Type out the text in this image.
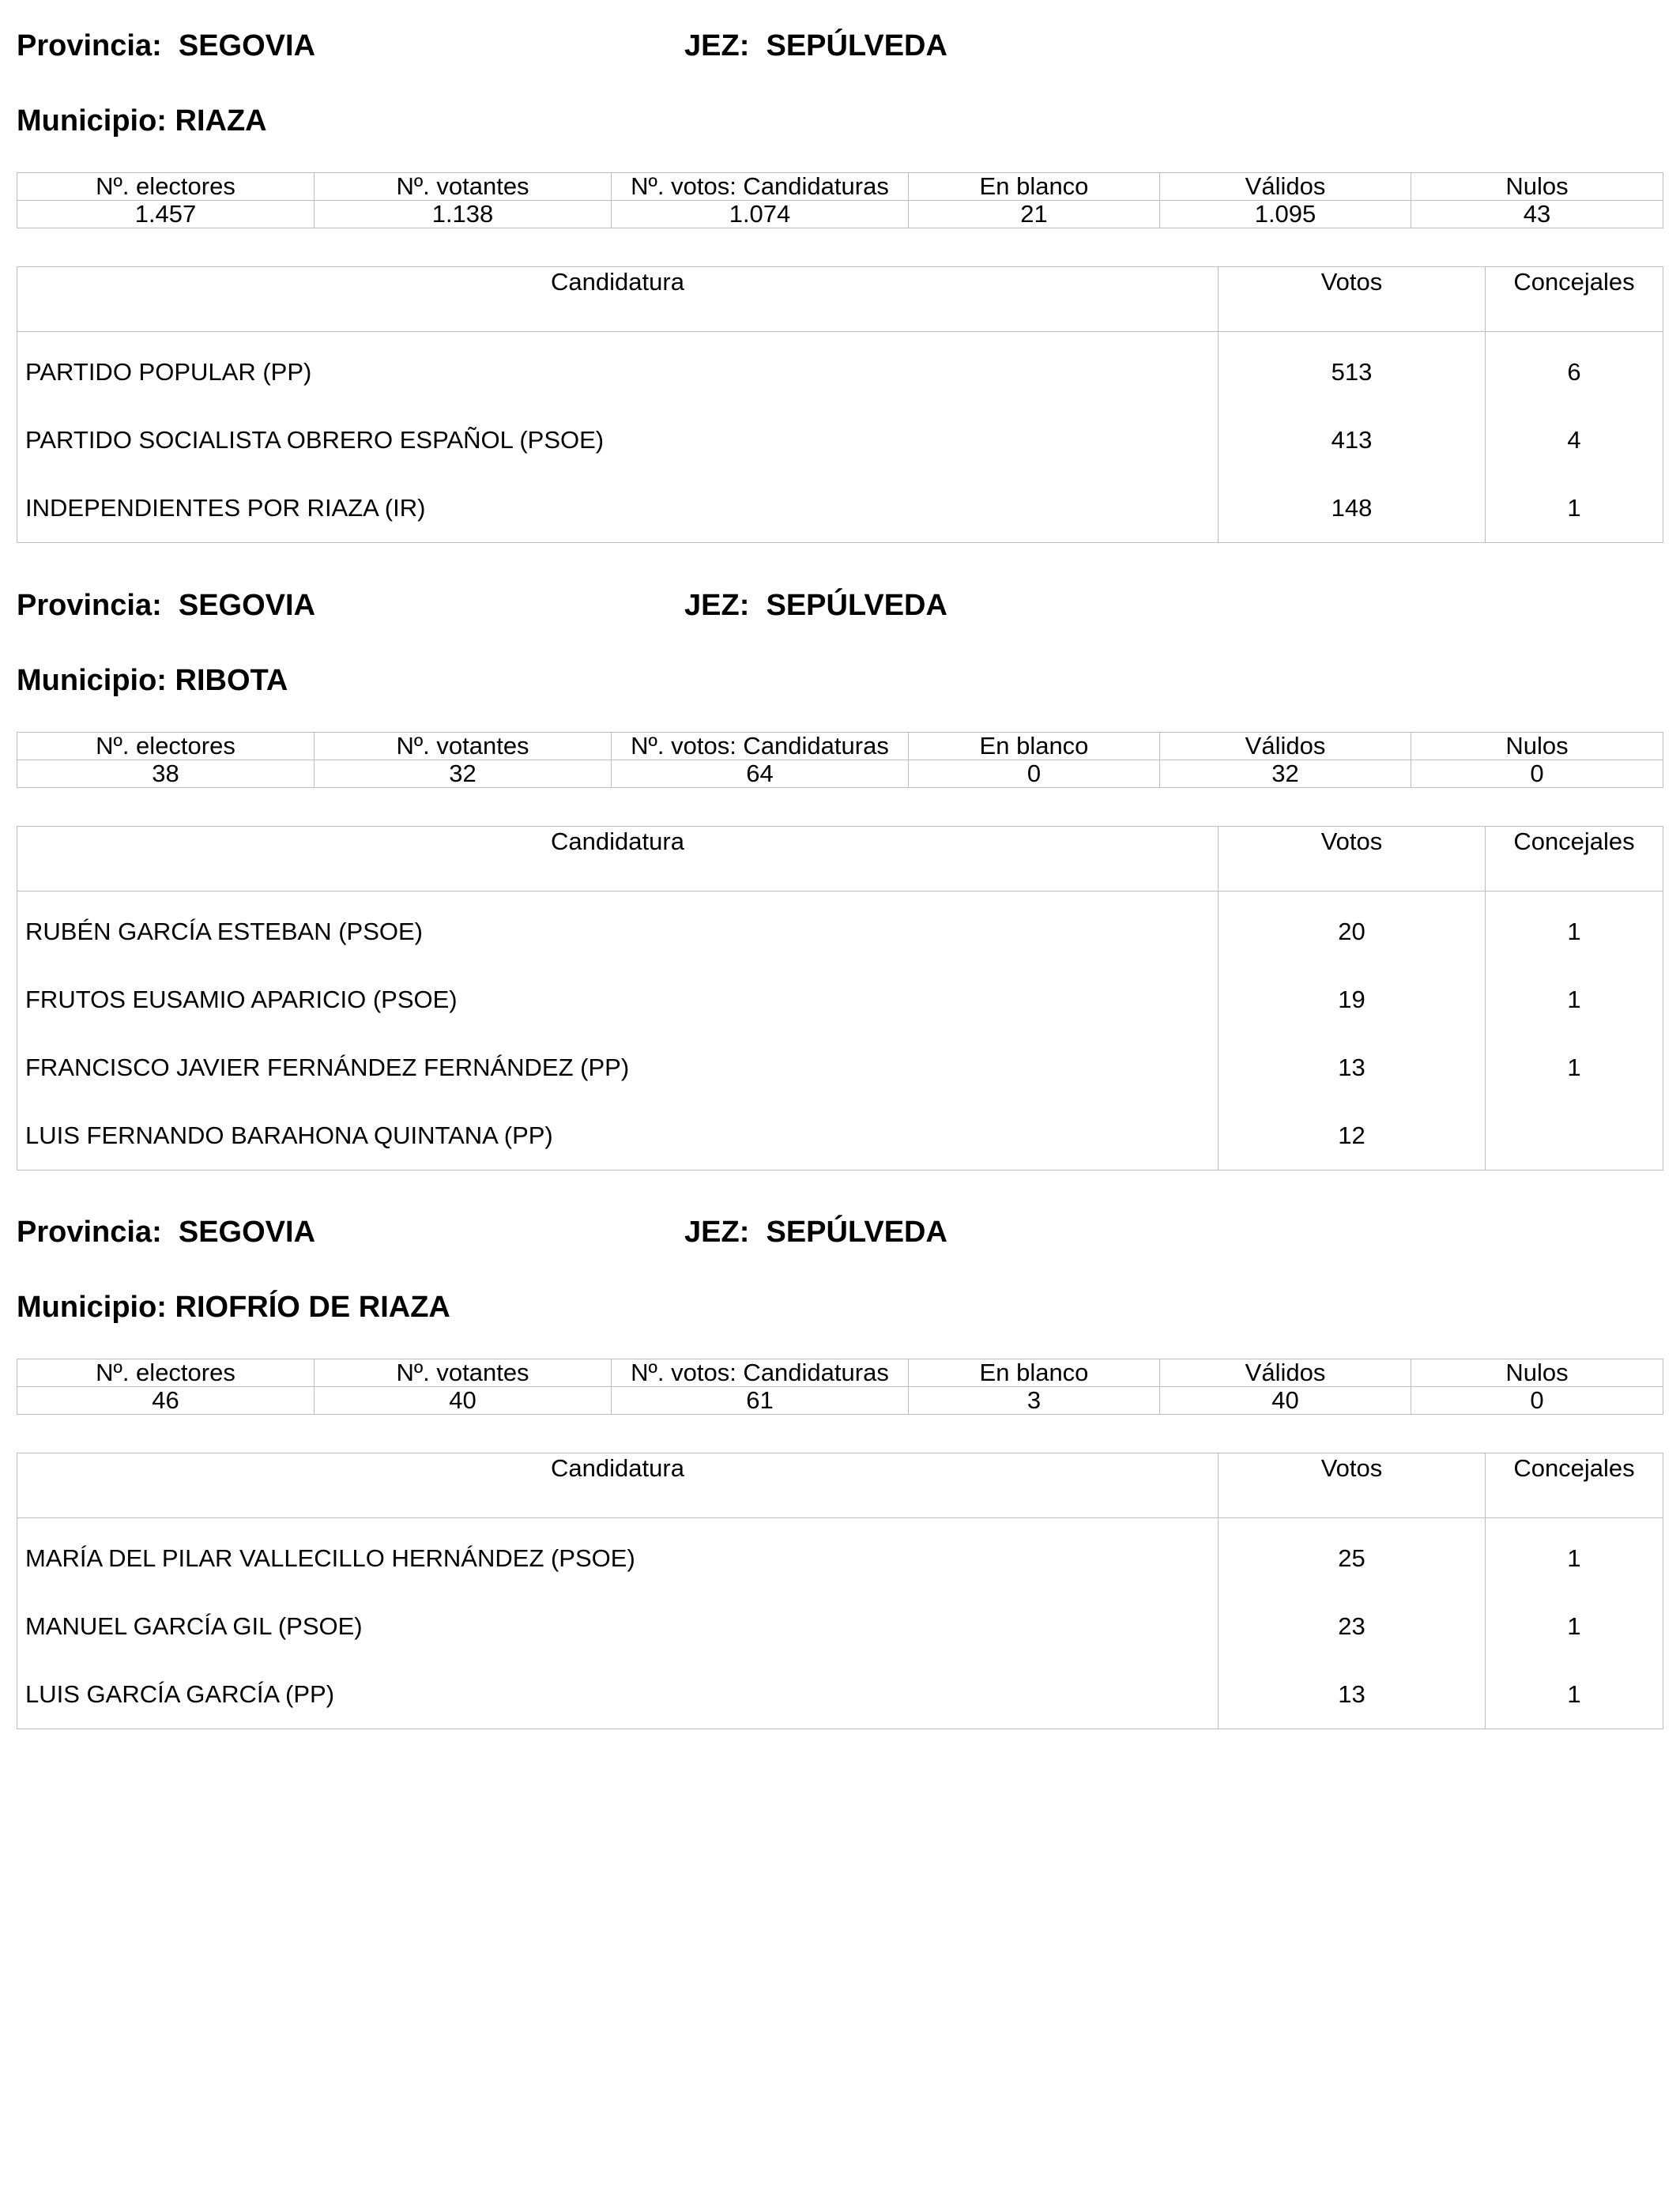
Provincia: SEGOVIA	JEZ: SEPÚLVEDA
Municipio: RIAZA
Nº. electores	Nº. votantes	Nº. votos: Candidaturas	En blanco	Válidos	Nulos
1.457	1.138	1.074	21	1.095	43
Candidatura	Votos	Concejales
PARTIDO POPULAR (PP)	513	6
PARTIDO SOCIALISTA OBRERO ESPAÑOL (PSOE)	413	4
INDEPENDIENTES POR RIAZA (IR)	148	1
Provincia: SEGOVIA	JEZ: SEPÚLVEDA
Municipio: RIBOTA
Nº. electores	Nº. votantes	Nº. votos: Candidaturas	En blanco	Válidos	Nulos
38	32	64	0	32	0
Candidatura	Votos	Concejales
RUBÉN GARCÍA ESTEBAN (PSOE)	20	1
FRUTOS EUSAMIO APARICIO (PSOE)	19	1
FRANCISCO JAVIER FERNÁNDEZ FERNÁNDEZ (PP)	13	1
LUIS FERNANDO BARAHONA QUINTANA (PP)	12	
Provincia: SEGOVIA	JEZ: SEPÚLVEDA
Municipio: RIOFRÍO DE RIAZA
Nº. electores	Nº. votantes	Nº. votos: Candidaturas	En blanco	Válidos	Nulos
46	40	61	3	40	0
Candidatura	Votos	Concejales
MARÍA DEL PILAR VALLECILLO HERNÁNDEZ (PSOE)	25	1
MANUEL GARCÍA GIL (PSOE)	23	1
LUIS GARCÍA GARCÍA (PP)	13	1
